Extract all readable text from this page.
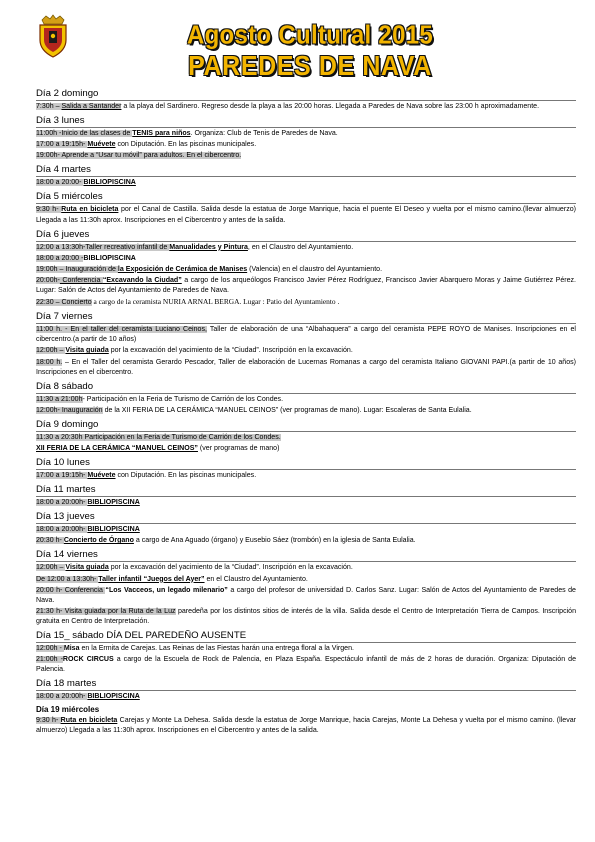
Agosto Cultural 2015
PAREDES DE NAVA
Día 2 domingo
7:30h – Salida a Santander a la playa del Sardinero. Regreso desde la playa a las 20:00 horas. Llegada a Paredes de Nava sobre las 23:00 h aproximadamente.
Día 3 lunes
11:00h -Inicio de las clases de TENIS para niños. Organiza: Club de Tenis de Paredes de Nava.
17:00 a 19:15h- Muévete con Diputación. En las piscinas municipales.
19:00h- Aprende a “Usar tu móvil” para adultos. En el cibercentro.
Día 4 martes
18:00 a 20:00- BIBLIOPISCINA
Día 5 miércoles
9:30 h- Ruta en bicicleta por el Canal de Castilla. Salida desde la estatua de Jorge Manrique, hacia el puente El Deseo y vuelta por el mismo camino.(llevar almuerzo) Llegada a las 11:30h aprox. Inscripciones en el Cibercentro y antes de la salida.
Día 6 jueves
12:00 a 13:30h-Taller recreativo infantil de Manualidades y Pintura, en el Claustro del Ayuntamiento.
18:00 a 20:00 -BIBLIOPISCINA
19:00h – Inauguración de la Exposición de Cerámica de Manises (Valencia) en el claustro del Ayuntamiento.
20:00h- Conferencia “Excavando la Ciudad” a cargo de los arqueólogos Francisco Javier Pérez Rodríguez, Francisco Javier Abarquero Moras y Jaime Gutiérrez Pérez. Lugar: Salón de Actos del Ayuntamiento de Paredes de Nava.
22:30 – Concierto a cargo de la ceramista NURIA ARNAL BERGA. Lugar : Patio del Ayuntamiento .
Día 7 viernes
11:00 h. - En el taller del ceramista Luciano Ceinos, Taller de elaboración de una “Albahaquera” a cargo del ceramista PEPE ROYO de Manises. Inscripciones en el cibercentro.(a partir de 10 años)
12:00h – Visita guiada por la excavación del yacimiento de la “Ciudad”. Inscripción en la excavación.
18:00 h. – En el Taller del ceramista Gerardo Pescador, Taller de elaboración de Lucernas Romanas a cargo del ceramista Italiano GIOVANI PAPI.(a partir de 10 años) Inscripciones en el cibercentro.
Día 8 sábado
11:30 a 21:00h- Participación en la Feria de Turismo de Carrión de los Condes.
12:00h- Inauguración de la XII FERIA DE LA CERÁMICA “MANUEL CEINOS” (ver programas de mano). Lugar: Escaleras de Santa Eulalia.
Día 9 domingo
11:30 a 20:30h Participación en la Feria de Turismo de Carrión de los Condes.
XII FERIA DE LA CERÁMICA “MANUEL CEINOS” (ver programas de mano)
Día 10 lunes
17:00 a 19:15h- Muévete con Diputación. En las piscinas municipales.
Día 11 martes
18:00 a 20:00h- BIBLIOPISCINA
Día 13 jueves
18:00 a 20:00h- BIBLIOPISCINA
20:30 h- Concierto de Órgano a cargo de Ana Aguado (órgano) y Eusebio Sáez (trombón) en la iglesia de Santa Eulalia.
Día 14 viernes
12:00h – Visita guiada por la excavación del yacimiento de la “Ciudad”. Inscripción en la excavación.
De 12:00 a 13:30h- Taller infantil “Juegos del Ayer” en el Claustro del Ayuntamiento.
20:00 h- Conferencia “Los Vacceos, un legado milenario” a cargo del profesor de universidad D. Carlos Sanz. Lugar: Salón de Actos del Ayuntamiento de Paredes de Nava.
21:30 h- Visita guiada por la Ruta de la Luz paredeña por los distintos sitios de interés de la villa. Salida desde el Centro de Interpretación Tierra de Campos. Inscripción gratuita en Centro de Interpretación.
Día 15_ sábado DÍA DEL PAREDEÑO AUSENTE
12:00h - Misa en la Ermita de Carejas. Las Reinas de las Fiestas harán una entrega floral a la Virgen.
21:00h -ROCK CIRCUS a cargo de la Escuela de Rock de Palencia, en Plaza España. Espectáculo infantil de más de 2 horas de duración. Organiza: Diputación de Palencia.
Día 18 martes
18:00 a 20:00h- BIBLIOPISCINA
Día 19 miércoles
9:30 h- Ruta en bicicleta Carejas y Monte La Dehesa. Salida desde la estatua de Jorge Manrique, hacia Carejas, Monte La Dehesa y vuelta por el mismo camino. (llevar almuerzo) Llegada a las 11:30h aprox. Inscripciones en el Cibercentro y antes de la salida.
